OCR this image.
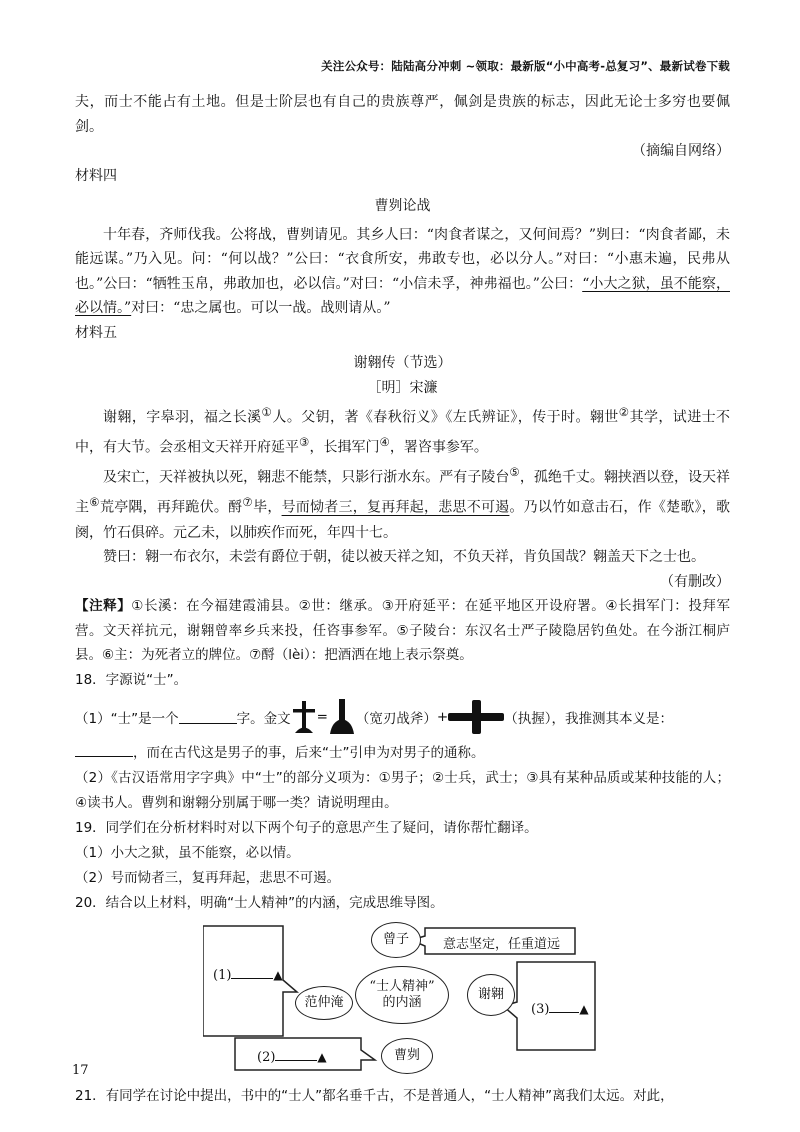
关注公众号：陆陆高分冲刺 ~领取：最新版“小中高考-总复习”、最新试卷下载

夫，而士不能占有土地。但是士阶层也有自己的贵族尊严，佩剑是贵族的标志，因此无论士多穷也要佩剑。

（摘编自网络）

材料四

曹刿论战

十年春，齐师伐我。公将战，曹刿请见。其乡人曰：“肉食者谋之，又何间焉？”刿曰：“肉食者鄙，未能远谋。”乃入见。问：“何以战？”公曰：“衣食所安，弗敢专也，必以分人。”对曰：“小惠未遍，民弗从也。”公曰：“牺牲玉帛，弗敢加也，必以信。”对曰：“小信未孚，神弗福也。”公曰：“小大之狱，虽不能察，必以情。”对曰：“忠之属也。可以一战。战则请从。”

材料五

谢翱传（节选）

［明］宋濂

谢翱，字皋羽，福之长溪①人。父钥，著《春秋衍义》《左氏辨证》，传于时。翱世②其学，试进士不中，有大节。会丞相文天祥开府延平③，长揖军门④，署咨事参军。

及宋亡，天祥被执以死，翱悲不能禁，只影行浙水东。严有子陵台⑤，孤绝千丈。翱挟酒以登，设天祥主⑥荒亭隅，再拜跪伏。酹⑦毕，号而恸者三，复再拜起，悲思不可遏。乃以竹如意击石，作《楚歌》，歌阕，竹石俱碎。元乙未，以肺疾作而死，年四十七。

赞曰：翱一布衣尔，未尝有爵位于朝，徒以被天祥之知，不负天祥，肯负国哉？翱盖天下之士也。

（有删改）

【注释】①长溪：在今福建霞浦县。②世：继承。③开府延平：在延平地区开设府署。④长揖军门：投拜军营。文天祥抗元，谢翱曾率乡兵来投，任咨事参军。⑤子陵台：东汉名士严子陵隐居钓鱼处。在今浙江桐庐县。⑥主：为死者立的牌位。⑦酹（lèi）：把酒洒在地上表示祭奠。

18．字源说“士”。

（1）“士”是一个	字。金文 = （宽刃战斧） +	（执握），我推测其本义是：

，而在古代这是男子的事，后来“士”引申为对男子的通称。

（2）《古汉语常用字字典》中“士”的部分义项为：①男子；②士兵，武士；③具有某种品质或某种技能的人；④读书人。曹刿和谢翱分别属于哪一类？请说明理由。

19．同学们在分析材料时对以下两个句子的意思产生了疑问，请你帮忙翻译。

（1）小大之狱，虽不能察，必以情。

（2）号而恸者三，复再拜起，悲思不可遏。

20．结合以上材料，明确“士人精神”的内涵，完成思维导图。

曾子	意志坚定，任重道远
“士人精神”
的内涵
范仲淹
谢翱
曹刿
(1)	▲
(2)	▲
(3)	▲

21．有同学在讨论中提出，书中的“士人”都名垂千古，不是普通人，“士人精神”离我们太远。对此，

17
